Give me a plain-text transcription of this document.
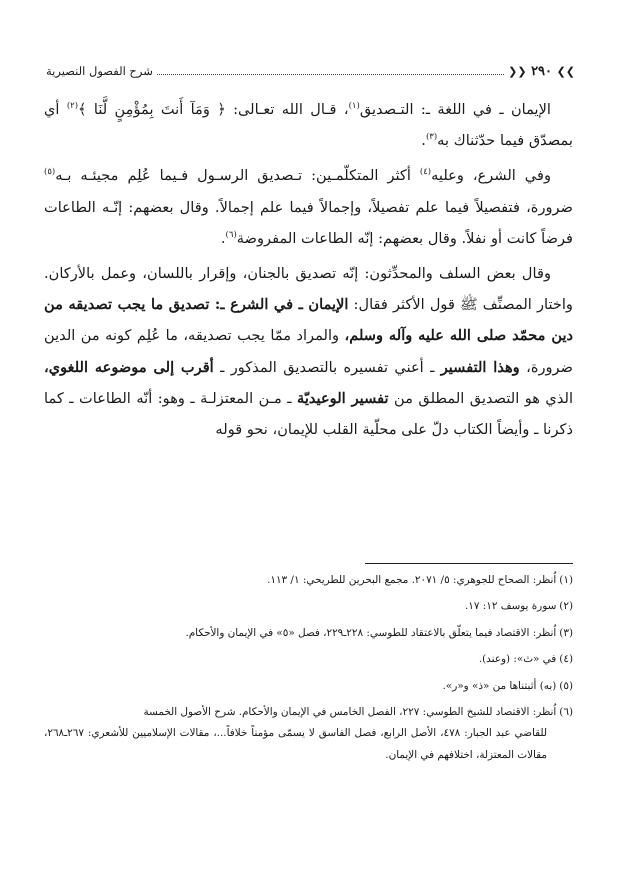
❯❯ ٢٩٠ ❮❮
شرح الفصول النصيرية

الإيمان ـ في اللغة ـ: التـصديق$^{(١)}$، قـال الله تعـالى: ﴿ وَمَآ أَنتَ بِمُؤْمِنٍ لَّنَا ﴾$^{(٢)}$ أي بمصدّق فيما حدّثناك به$^{(٣)}$.

وفي الشرع، وعليه$^{(٤)}$ أكثر المتكلّمـين: تـصديق الرسـول فـيما عُلِم مجيئـه بـه$^{(٥)}$ ضرورة، فتفصيلاً فيما علم تفصيلاً، وإجمالاً فيما علم إجمالاً. وقال بعضهم: إنّـه الطاعات فرضاً كانت أو نفلاً. وقال بعضهم: إنّه الطاعات المفروضة$^{(٦)}$.

وقال بعض السلف والمحدِّثون: إنّه تصديق بالجنان، وإقرار باللسان، وعمل بالأركان. واختار المصنِّف ﷺ قول الأكثر فقال: الإيمان ـ في الشرع ـ: تصديق ما يجب تصديقه من دين محمّد صلى الله عليه وآله وسلم، والمراد ممّا يجب تصديقه، ما عُلِم كونه من الدين ضرورة، وهذا التفسير ـ أعني تفسيره بالتصديق المذكور ـ أقرب إلى موضوعه اللغوي، الذي هو التصديق المطلق من تفسير الوعيديّة ـ مـن المعتزلـة ـ وهو: أنّه الطاعات ـ كما ذكرنا ـ وأيضاً الكتاب دلّ على محلّية القلب للإيمان، نحو قوله

(١)اُنظر: الصحاح للجوهري: ٥/ ٢٠٧١. مجمع البحرين للطريحي: ١/ ١١٣.
(٢)سورة يوسف ١٢: ١٧.
(٣)اُنظر: الاقتصاد فيما يتعلّق بالاعتقاد للطوسي: ٢٢٨ـ٢٢٩، فصل «٥» في الإيمان والأحكام.
(٤)في «ث»: (وعند).
(٥)(به) أثبتناها من «ذ» و«ر».
(٦)اُنظر: الاقتصاد للشيخ الطوسي: ٢٢٧، الفصل الخامس في الإيمان والأحكام. شرح الأصول الخمسة
للقاضي عبد الجبار: ٤٧٨، الأصل الرابع، فصل الفاسق لا يسمّى مؤمناً خلافاً...، مقالات الإسلاميين للأشعري: ٢٦٧ـ٢٦٨، مقالات المعتزلة، اختلافهم في الإيمان.
